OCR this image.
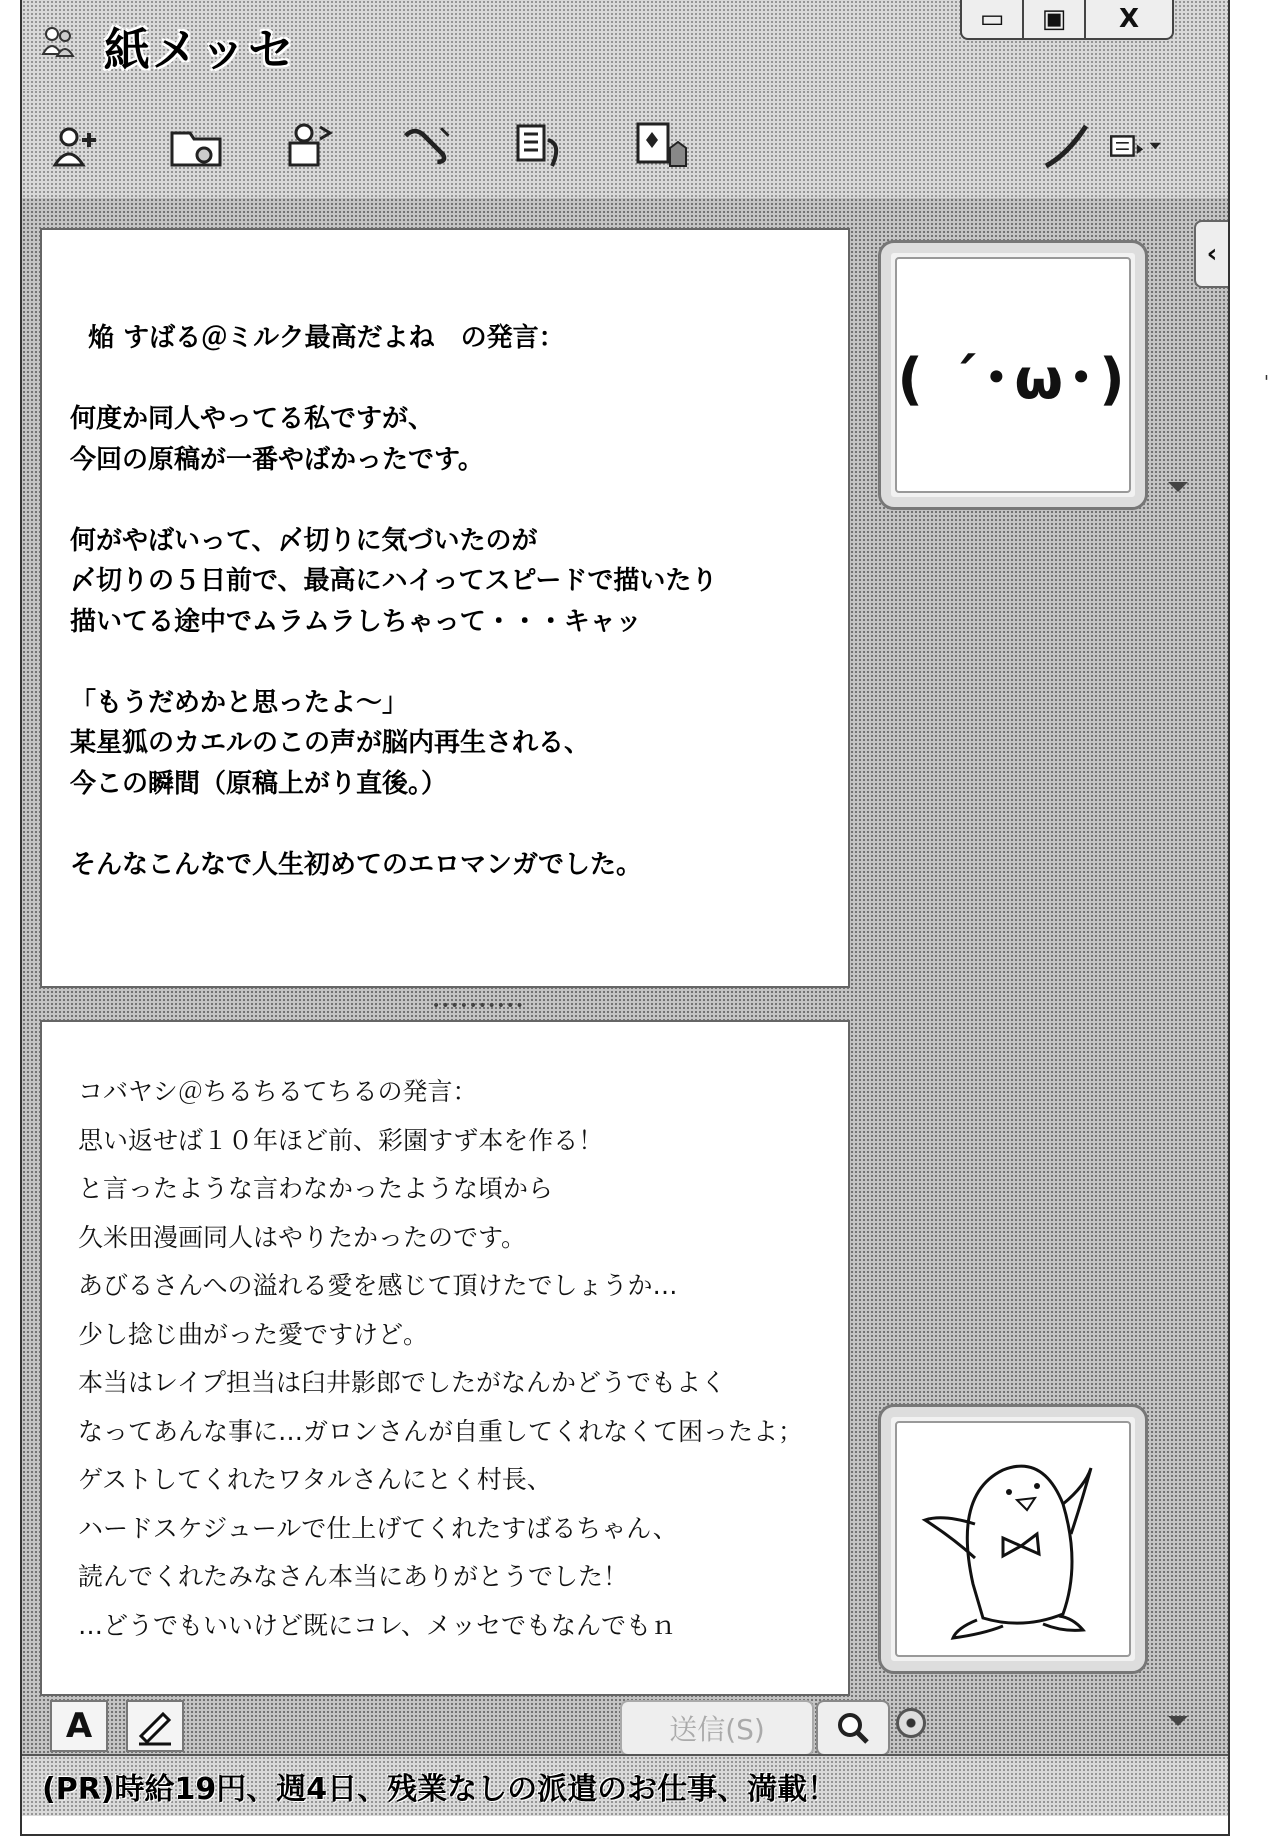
紙メッセ
▭ ▣ X
焔 すばる＠ミルク最高だよね　の発言：

何度か同人やってる私ですが、
今回の原稿が一番やばかったです。

何がやばいって、〆切りに気づいたのが
〆切りの５日前で、最高にハイってスピードで描いたり
描いてる途中でムラムラしちゃって・・・キャッ

「もうだめかと思ったよ～」
某星狐のカエルのこの声が脳内再生される、
今この瞬間（原稿上がり直後。）

そんなこんなで人生初めてのエロマンガでした。
••••••••••
コバヤシ＠ちるちるてちるの発言：
思い返せば１０年ほど前、彩園すず本を作る！
と言ったような言わなかったような頃から
久米田漫画同人はやりたかったのです。
あびるさんへの溢れる愛を感じて頂けたでしょうか…
少し捻じ曲がった愛ですけど。
本当はレイプ担当は臼井影郎でしたがなんかどうでもよく
なってあんな事に…ガロンさんが自重してくれなくて困ったよ；
ゲストしてくれたワタルさんにとく村長、
ハードスケジュールで仕上げてくれたすばるちゃん、
読んでくれたみなさん本当にありがとうでした！
…どうでもいいけど既にコレ、メッセでもなんでもｎ
‹
( ´･ω･)
A	送信(S)
(PR)時給19円、週4日、残業なしの派遣のお仕事、満載！
'
